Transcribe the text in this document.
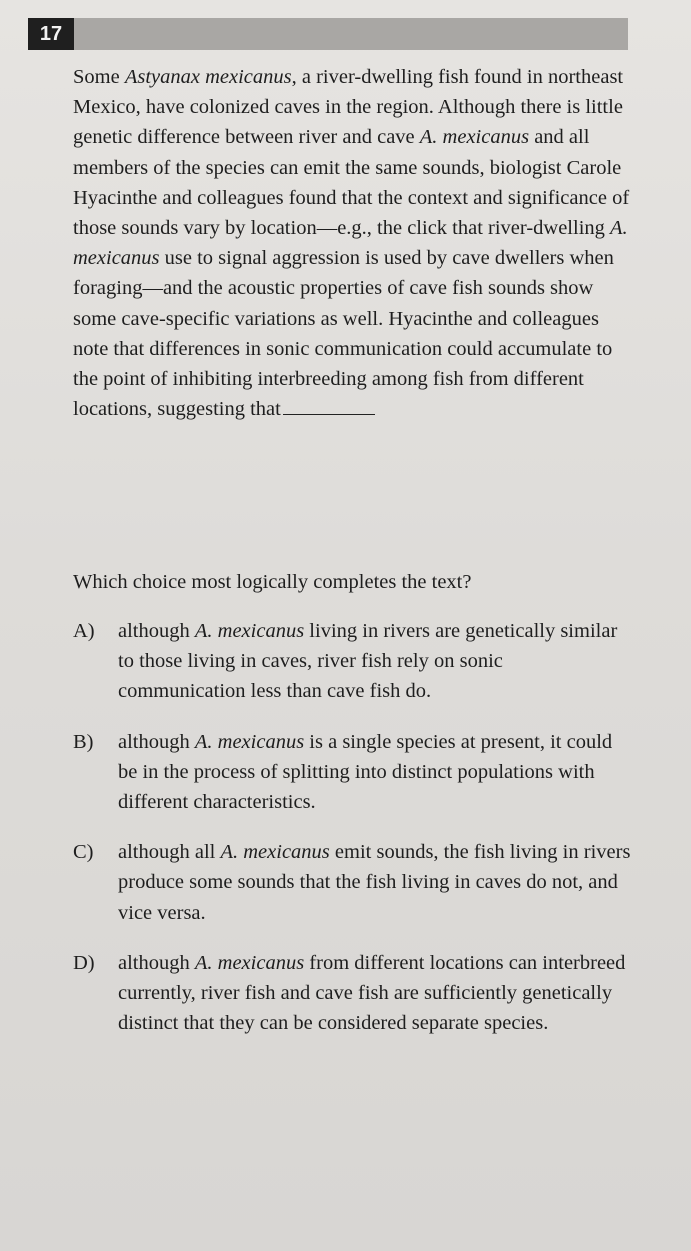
17

Some Astyanax mexicanus, a river-dwelling fish found in northeast Mexico, have colonized caves in the region. Although there is little genetic difference between river and cave A. mexicanus and all members of the species can emit the same sounds, biologist Carole Hyacinthe and colleagues found that the context and significance of those sounds vary by location—e.g., the click that river-dwelling A. mexicanus use to signal aggression is used by cave dwellers when foraging—and the acoustic properties of cave fish sounds show some cave-specific variations as well. Hyacinthe and colleagues note that differences in sonic communication could accumulate to the point of inhibiting interbreeding among fish from different locations, suggesting that

Which choice most logically completes the text?
A)	although A. mexicanus living in rivers are genetically similar to those living in caves, river fish rely on sonic communication less than cave fish do.
B)	although A. mexicanus is a single species at present, it could be in the process of splitting into distinct populations with different characteristics.
C)	although all A. mexicanus emit sounds, the fish living in rivers produce some sounds that the fish living in caves do not, and vice versa.
D)	although A. mexicanus from different locations can interbreed currently, river fish and cave fish are sufficiently genetically distinct that they can be considered separate species.
